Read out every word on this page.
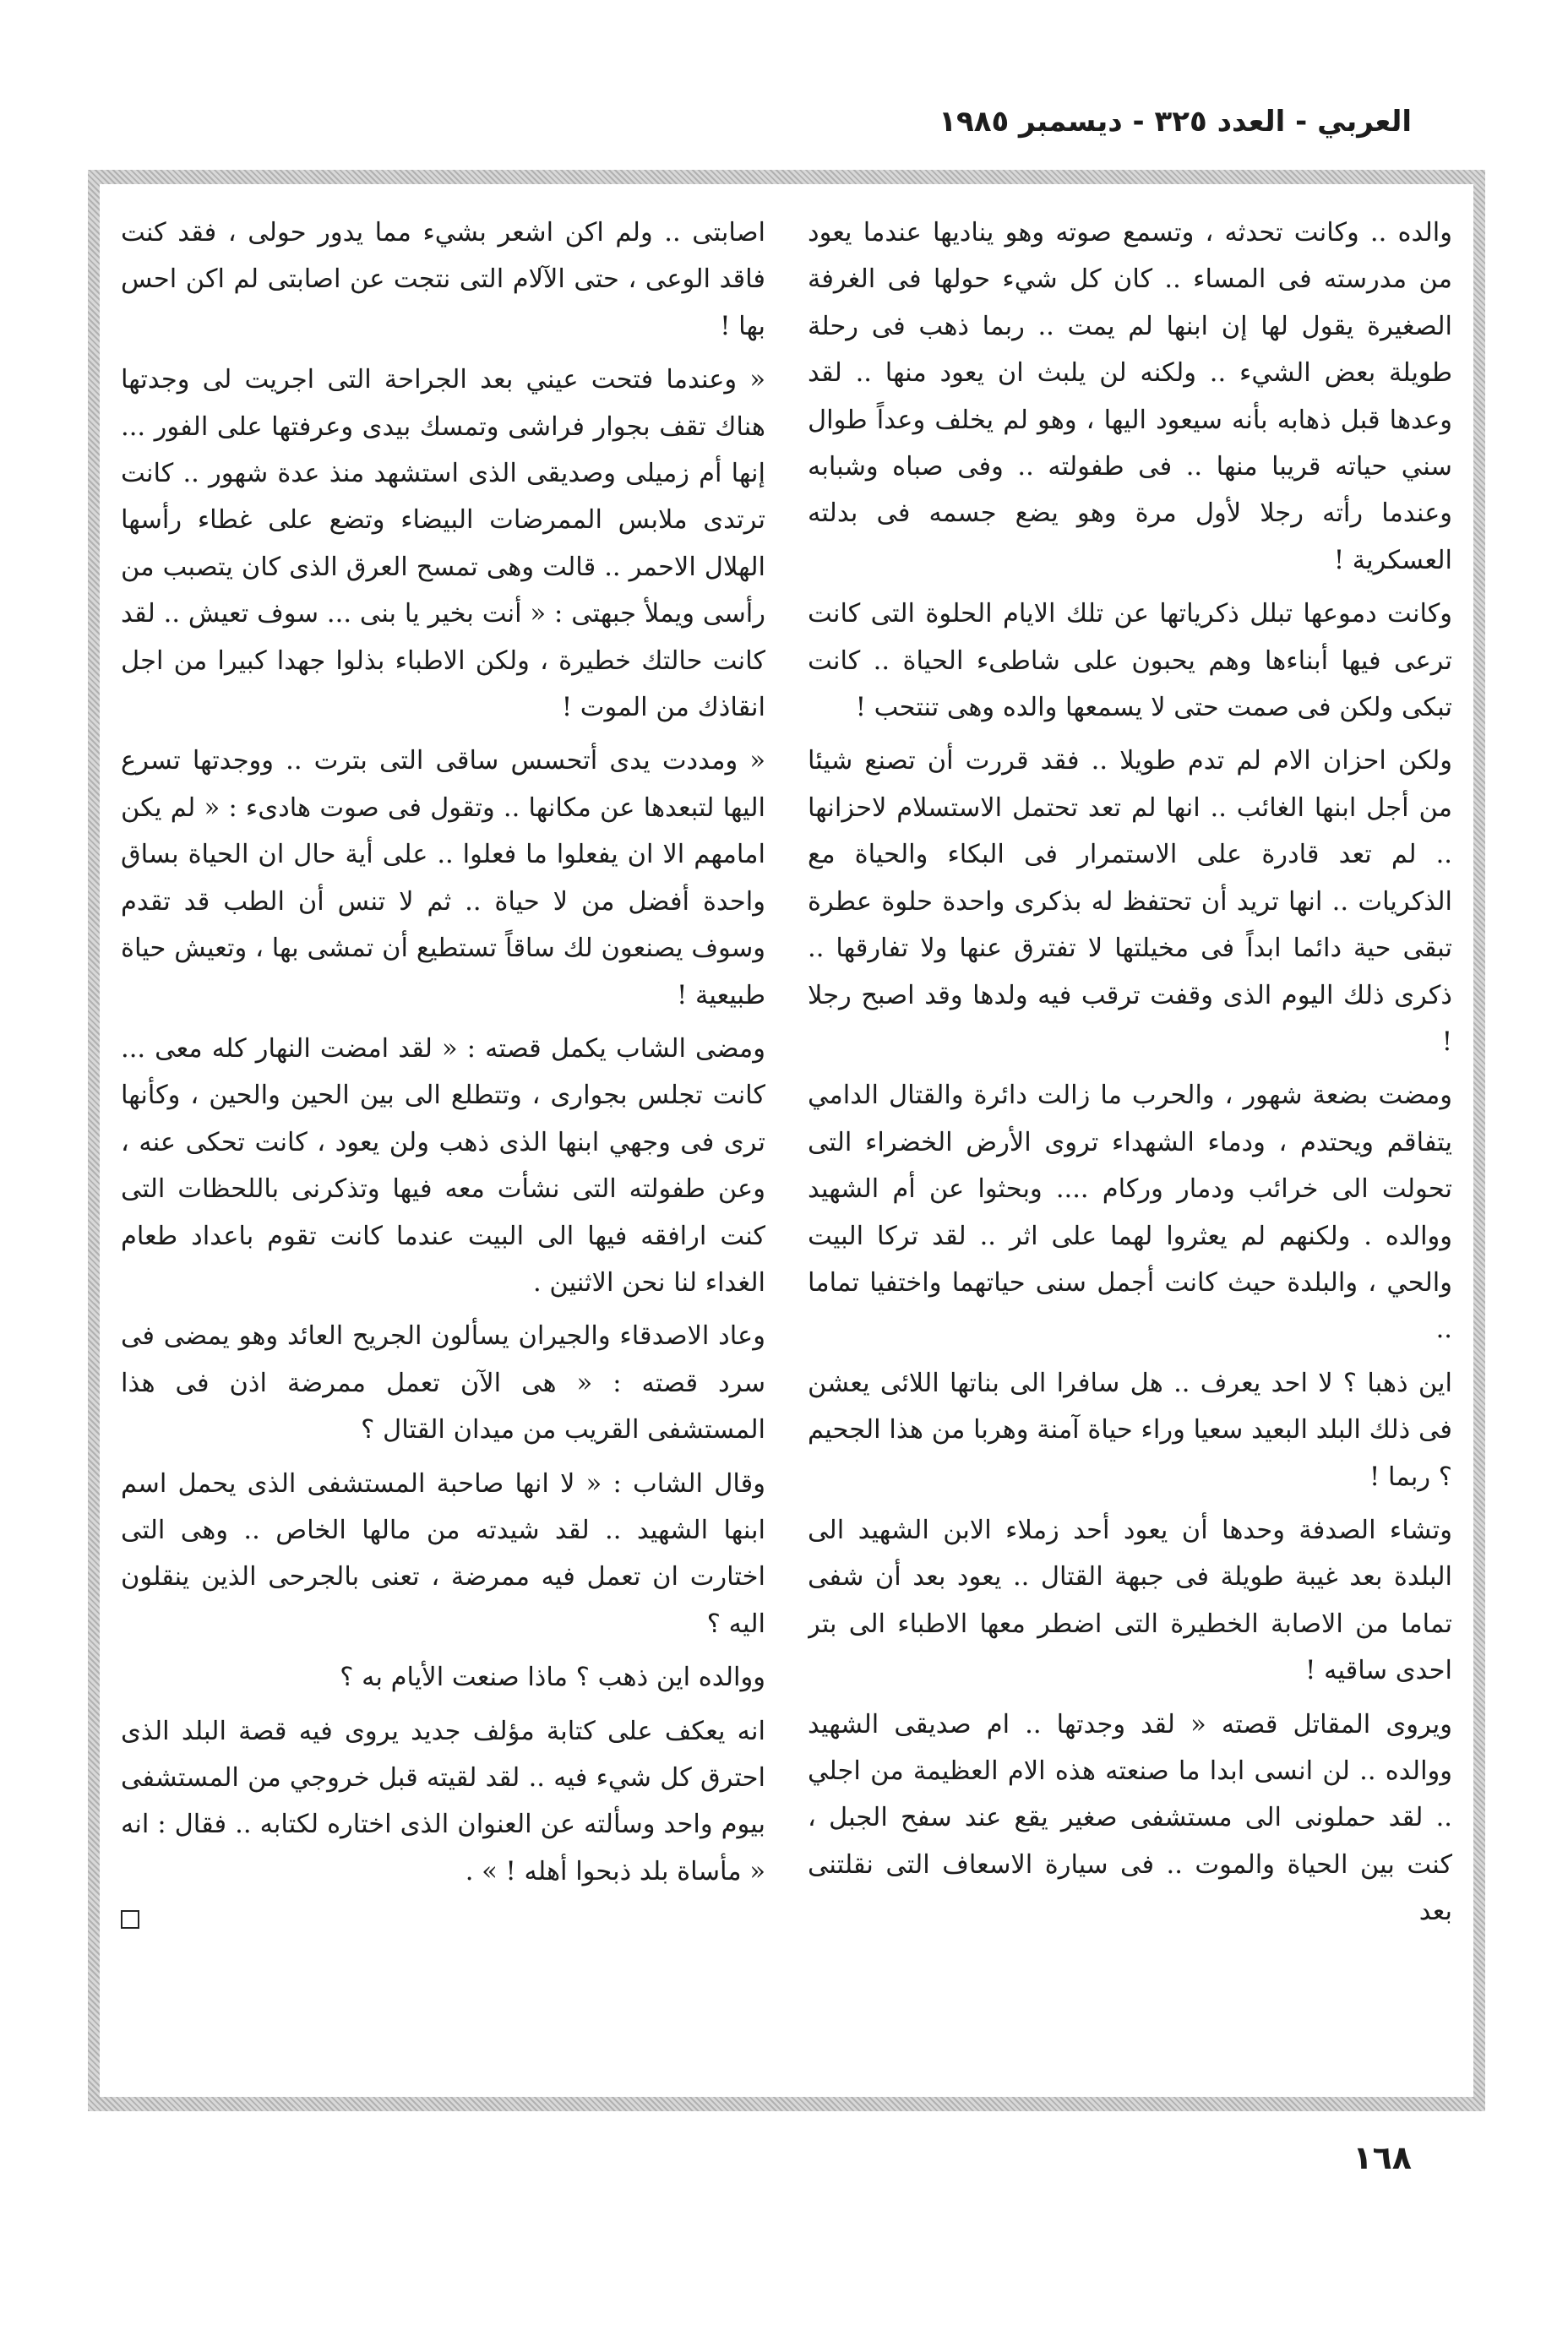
العربي - العدد ٣٢٥ - ديسمبر ١٩٨٥

والده .. وكانت تحدثه ، وتسمع صوته وهو يناديها عندما يعود من مدرسته فى المساء .. كان كل شيء حولها فى الغرفة الصغيرة يقول لها إن ابنها لم يمت .. ربما ذهب فى رحلة طويلة بعض الشيء .. ولكنه لن يلبث ان يعود منها .. لقد وعدها قبل ذهابه بأنه سيعود اليها ، وهو لم يخلف وعداً طوال سني حياته قريبا منها .. فى طفولته .. وفى صباه وشبابه وعندما رأته رجلا لأول مرة وهو يضع جسمه فى بدلته العسكرية !

وكانت دموعها تبلل ذكرياتها عن تلك الايام الحلوة التى كانت ترعى فيها أبناءها وهم يحبون على شاطىء الحياة .. كانت تبكى ولكن فى صمت حتى لا يسمعها والده وهى تنتحب !

ولكن احزان الام لم تدم طويلا .. فقد قررت أن تصنع شيئا من أجل ابنها الغائب .. انها لم تعد تحتمل الاستسلام لاحزانها .. لم تعد قادرة على الاستمرار فى البكاء والحياة مع الذكريات .. انها تريد أن تحتفظ له بذكرى واحدة حلوة عطرة تبقى حية دائما ابداً فى مخيلتها لا تفترق عنها ولا تفارقها .. ذكرى ذلك اليوم الذى وقفت ترقب فيه ولدها وقد اصبح رجلا !

ومضت بضعة شهور ، والحرب ما زالت دائرة والقتال الدامي يتفاقم ويحتدم ، ودماء الشهداء تروى الأرض الخضراء التى تحولت الى خرائب ودمار وركام .... وبحثوا عن أم الشهيد ووالده . ولكنهم لم يعثروا لهما على اثر .. لقد تركا البيت والحي ، والبلدة حيث كانت أجمل سنى حياتهما واختفيا تماما ..

اين ذهبا ؟ لا احد يعرف .. هل سافرا الى بناتها اللائى يعشن فى ذلك البلد البعيد سعيا وراء حياة آمنة وهربا من هذا الجحيم ؟ ربما !

وتشاء الصدفة وحدها أن يعود أحد زملاء الابن الشهيد الى البلدة بعد غيبة طويلة فى جبهة القتال .. يعود بعد أن شفى تماما من الاصابة الخطيرة التى اضطر معها الاطباء الى بتر احدى ساقيه !

ويروى المقاتل قصته « لقد وجدتها .. ام صديقى الشهيد ووالده .. لن انسى ابدا ما صنعته هذه الام العظيمة من اجلي .. لقد حملونى الى مستشفى صغير يقع عند سفح الجبل ، كنت بين الحياة والموت .. فى سيارة الاسعاف التى نقلتنى بعد

اصابتى .. ولم اكن اشعر بشيء مما يدور حولى ، فقد كنت فاقد الوعى ، حتى الآلام التى نتجت عن اصابتى لم اكن احس بها !

« وعندما فتحت عيني بعد الجراحة التى اجريت لى وجدتها هناك تقف بجوار فراشى وتمسك بيدى وعرفتها على الفور ... إنها أم زميلى وصديقى الذى استشهد منذ عدة شهور .. كانت ترتدى ملابس الممرضات البيضاء وتضع على غطاء رأسها الهلال الاحمر .. قالت وهى تمسح العرق الذى كان يتصبب من رأسى ويملأ جبهتى : « أنت بخير يا بنى ... سوف تعيش .. لقد كانت حالتك خطيرة ، ولكن الاطباء بذلوا جهدا كبيرا من اجل انقاذك من الموت !

« ومددت يدى أتحسس ساقى التى بترت .. ووجدتها تسرع اليها لتبعدها عن مكانها .. وتقول فى صوت هادىء : « لم يكن امامهم الا ان يفعلوا ما فعلوا .. على أية حال ان الحياة بساق واحدة أفضل من لا حياة .. ثم لا تنس أن الطب قد تقدم وسوف يصنعون لك ساقاً تستطيع أن تمشى بها ، وتعيش حياة طبيعية !

ومضى الشاب يكمل قصته : « لقد امضت النهار كله معى ... كانت تجلس بجوارى ، وتتطلع الى بين الحين والحين ، وكأنها ترى فى وجهي ابنها الذى ذهب ولن يعود ، كانت تحكى عنه ، وعن طفولته التى نشأت معه فيها وتذكرنى باللحظات التى كنت ارافقه فيها الى البيت عندما كانت تقوم باعداد طعام الغداء لنا نحن الاثنين .

وعاد الاصدقاء والجيران يسألون الجريح العائد وهو يمضى فى سرد قصته : « هى الآن تعمل ممرضة اذن فى هذا المستشفى القريب من ميدان القتال ؟

وقال الشاب : « لا انها صاحبة المستشفى الذى يحمل اسم ابنها الشهيد .. لقد شيدته من مالها الخاص .. وهى التى اختارت ان تعمل فيه ممرضة ، تعنى بالجرحى الذين ينقلون اليه ؟

ووالده اين ذهب ؟ ماذا صنعت الأيام به ؟

انه يعكف على كتابة مؤلف جديد يروى فيه قصة البلد الذى احترق كل شيء فيه .. لقد لقيته قبل خروجي من المستشفى بيوم واحد وسألته عن العنوان الذى اختاره لكتابه .. فقال : انه « مأساة بلد ذبحوا أهله ! » .

١٦٨
